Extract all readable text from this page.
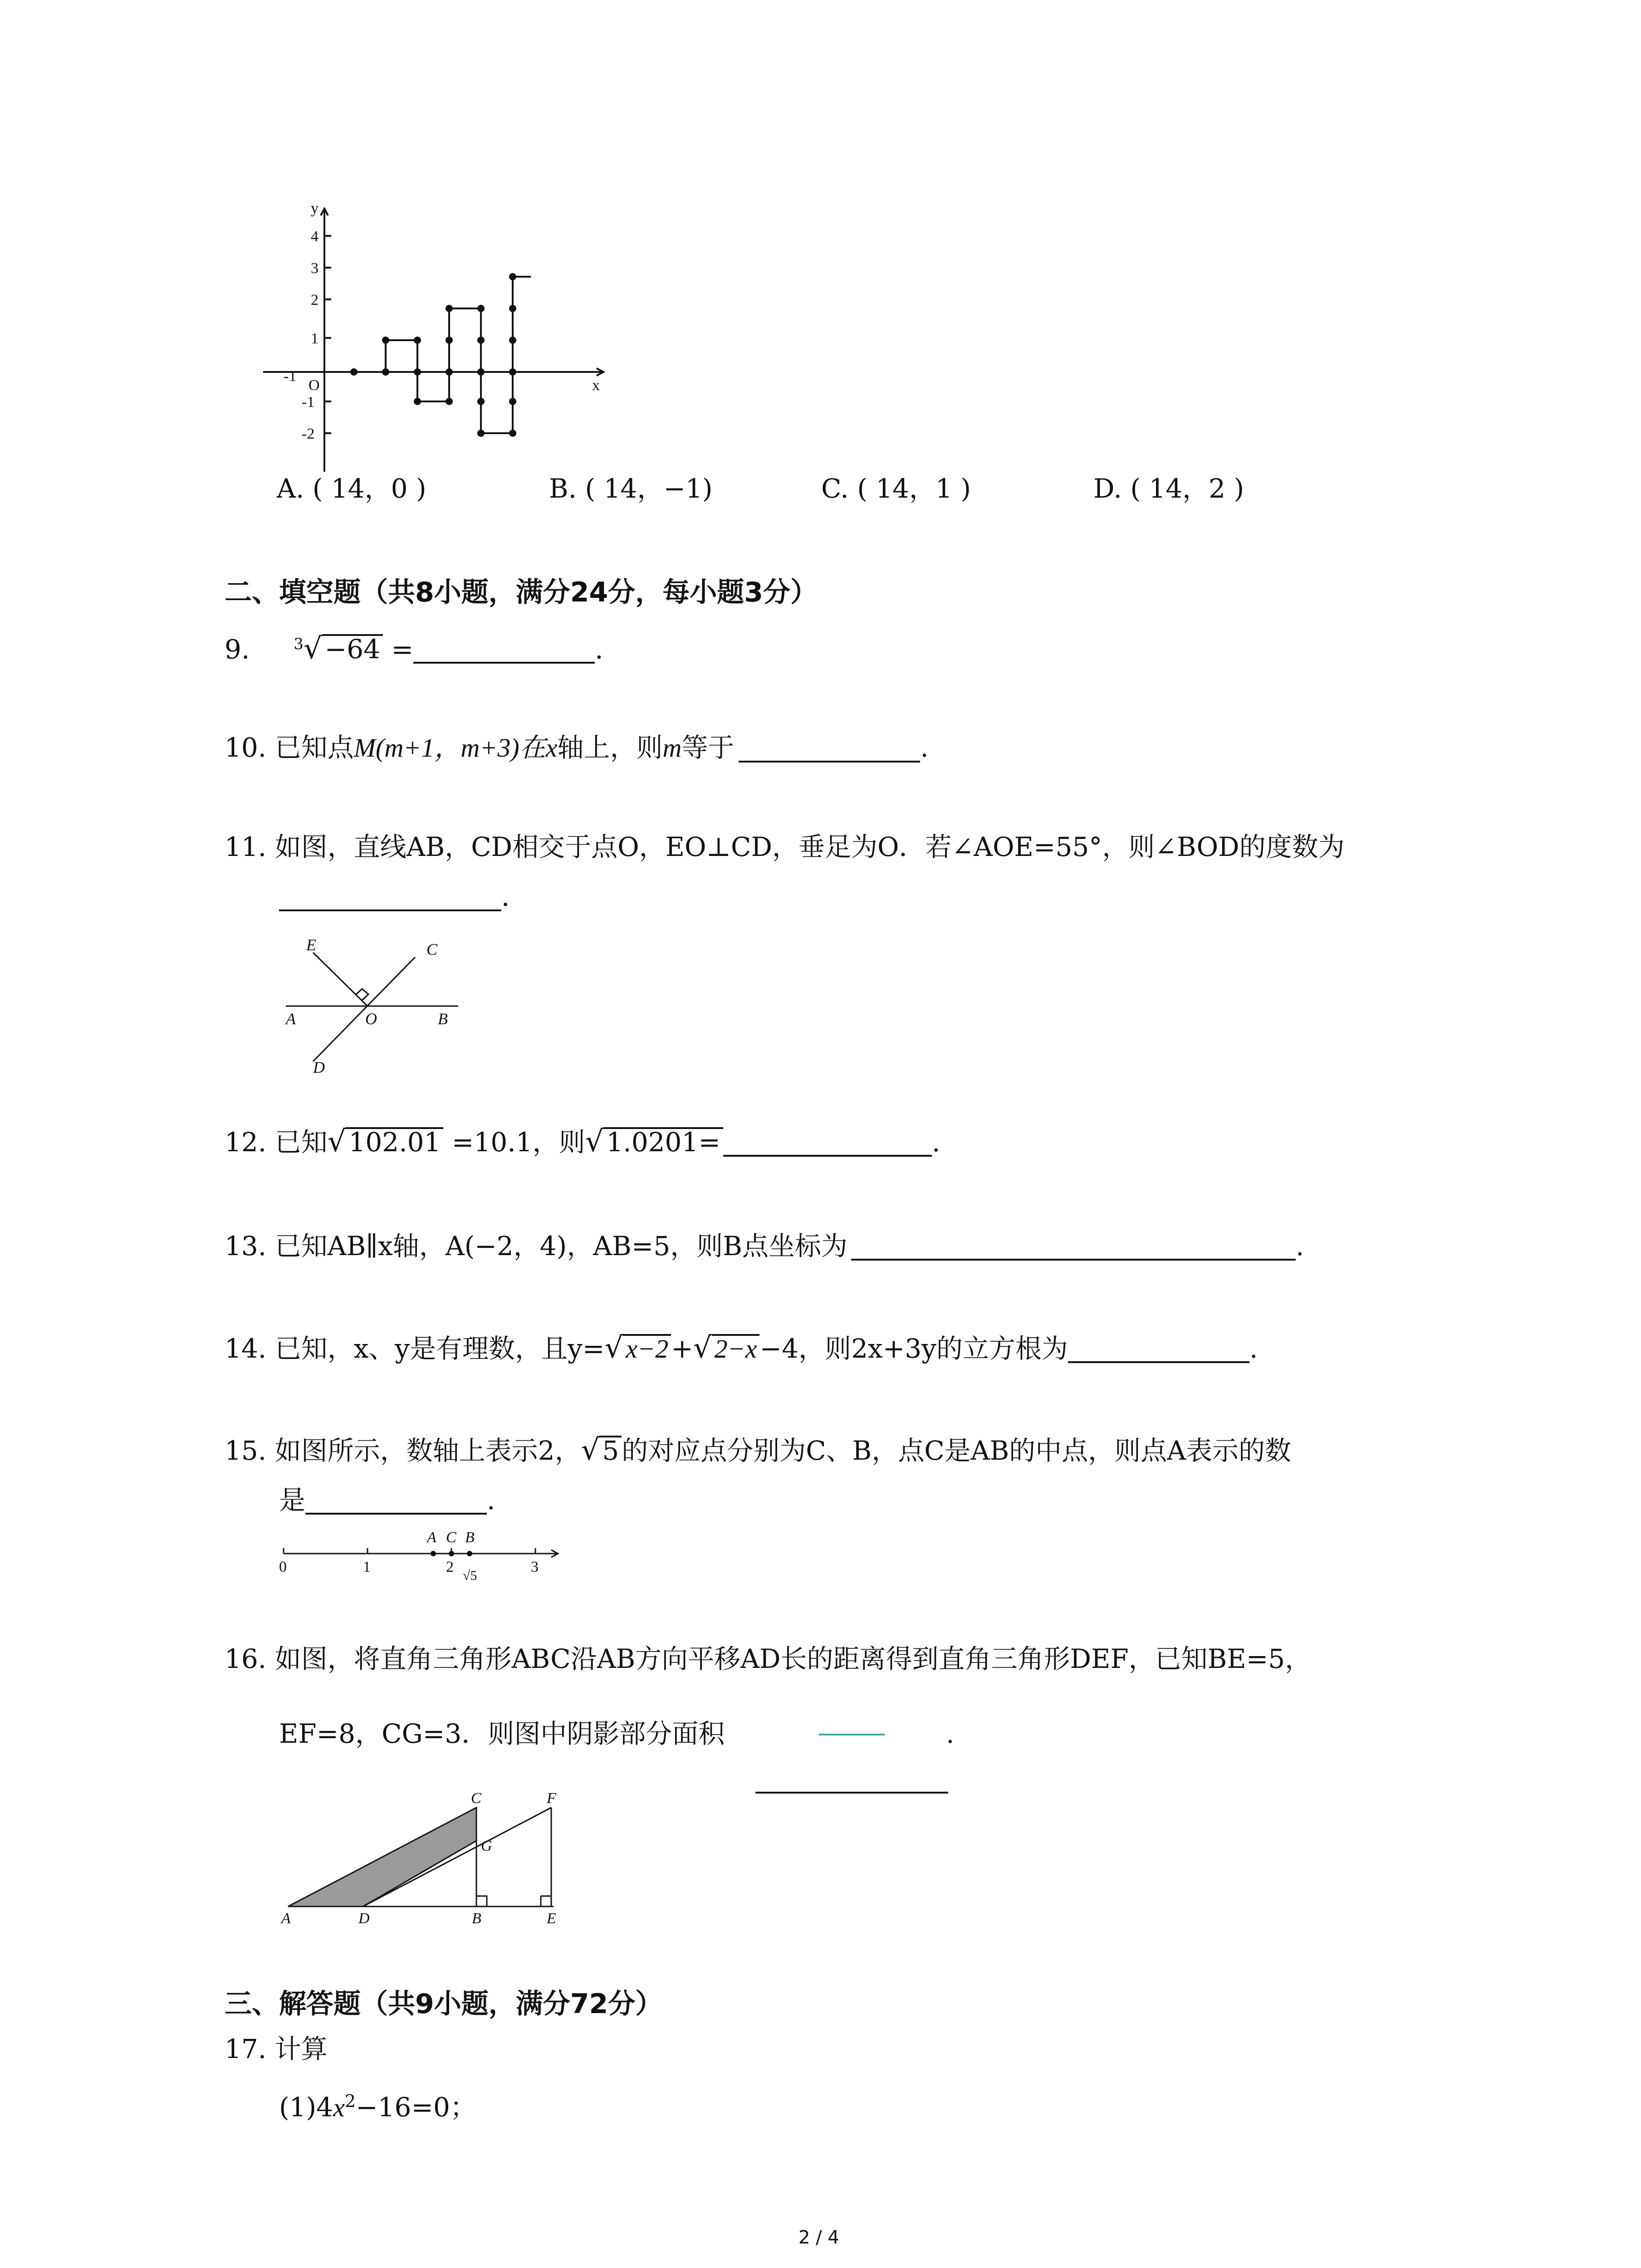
y
x
O
-1
4
3
2
1
-1
-2
A. ( 14，0 )	B. ( 14，−1)	C. ( 14，1 )	D. ( 14，2 )
二、填空题（共8小题，满分24分，每小题3分）
9.	$^3$√ −64 =	.
10. 已知点M(m+1，m+3)在x轴上，则m等于	.
11. 如图，直线AB，CD相交于点O，EO⊥CD，垂足为O．若∠AOE=55°，则∠BOD的度数为
．
E	C
A	O	B
D
12. 已知√ 102.01 =10.1，则√ 1.0201=	.
13. 已知AB∥x轴，A(−2，4)，AB=5，则B点坐标为	.
14. 已知，x、y是有理数，且y=√ x−2 +√ 2−x −4，则2x+3y的立方根为	.
15. 如图所示，数轴上表示2，√ 5 的对应点分别为C、B，点C是AB的中点，则点A表示的数
是	.
0	1	2	3
A C B
√5
16. 如图，将直角三角形ABC沿AB方向平移AD长的距离得到直角三角形DEF，已知BE=5，
EF=8，CG=3．则图中阴影部分面积	.
C	F
G
A	D	B	E
三、解答题（共9小题，满分72分）
17. 计算
$(1)4x^2-16=0$；
2 / 4
